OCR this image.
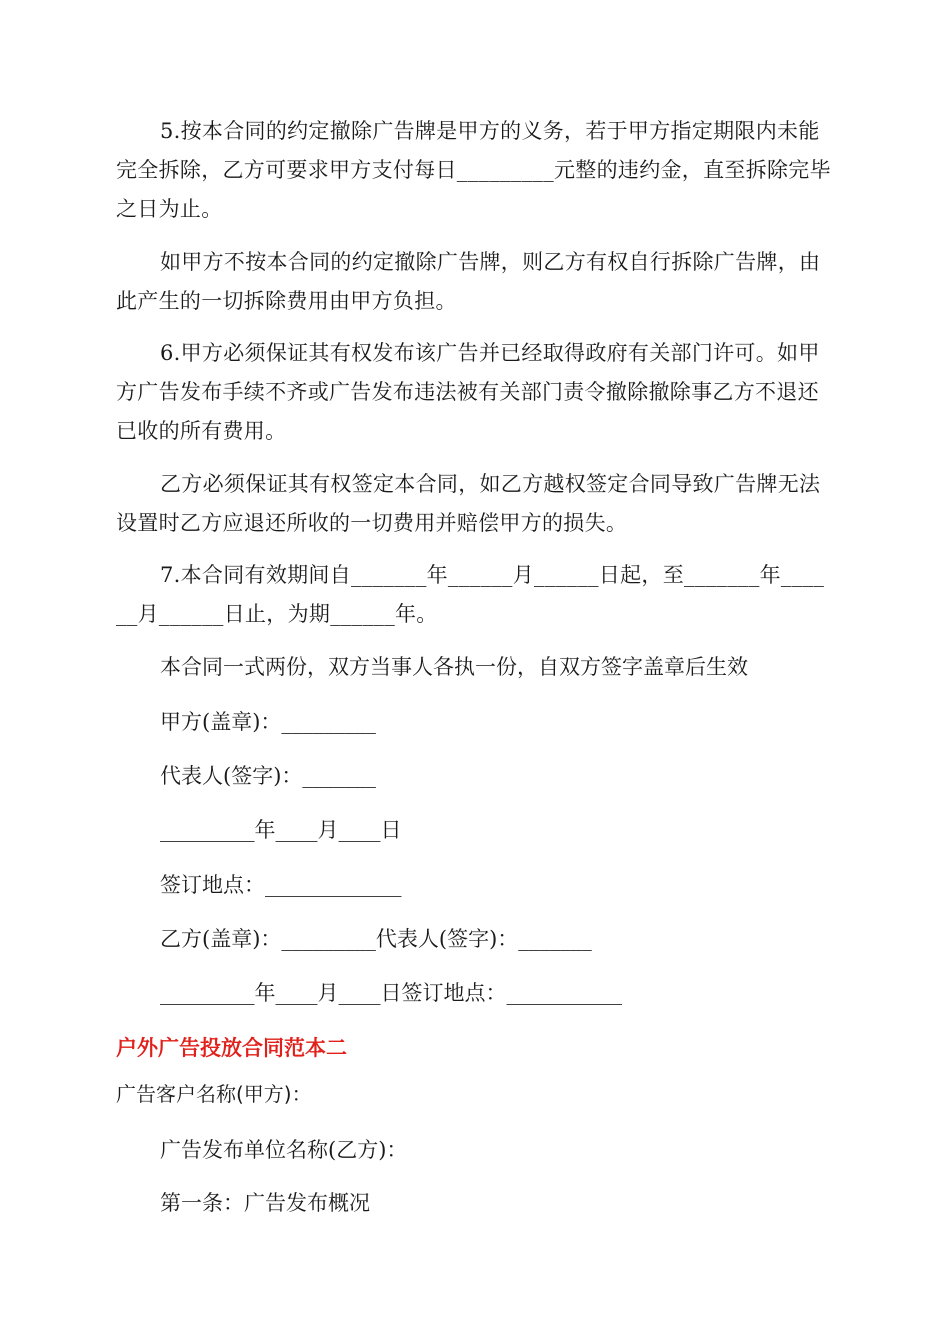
5.按本合同的约定撤除广告牌是甲方的义务，若于甲方指定期限内未能完全拆除，乙方可要求甲方支付每日_________元整的违约金，直至拆除完毕之日为止。

如甲方不按本合同的约定撤除广告牌，则乙方有权自行拆除广告牌，由此产生的一切拆除费用由甲方负担。

6.甲方必须保证其有权发布该广告并已经取得政府有关部门许可。如甲方广告发布手续不齐或广告发布违法被有关部门责令撤除撤除事乙方不退还已收的所有费用。

乙方必须保证其有权签定本合同，如乙方越权签定合同导致广告牌无法设置时乙方应退还所收的一切费用并赔偿甲方的损失。

7.本合同有效期间自_______年______月______日起，至_______年______月______日止，为期______年。

本合同一式两份，双方当事人各执一份，自双方签字盖章后生效

甲方(盖章)：_________

代表人(签字)：_______

_________年____月____日

签订地点：_____________

乙方(盖章)：_________代表人(签字)：_______

_________年____月____日签订地点：___________

户外广告投放合同范本二

广告客户名称(甲方)：

广告发布单位名称(乙方)：

第一条：广告发布概况
